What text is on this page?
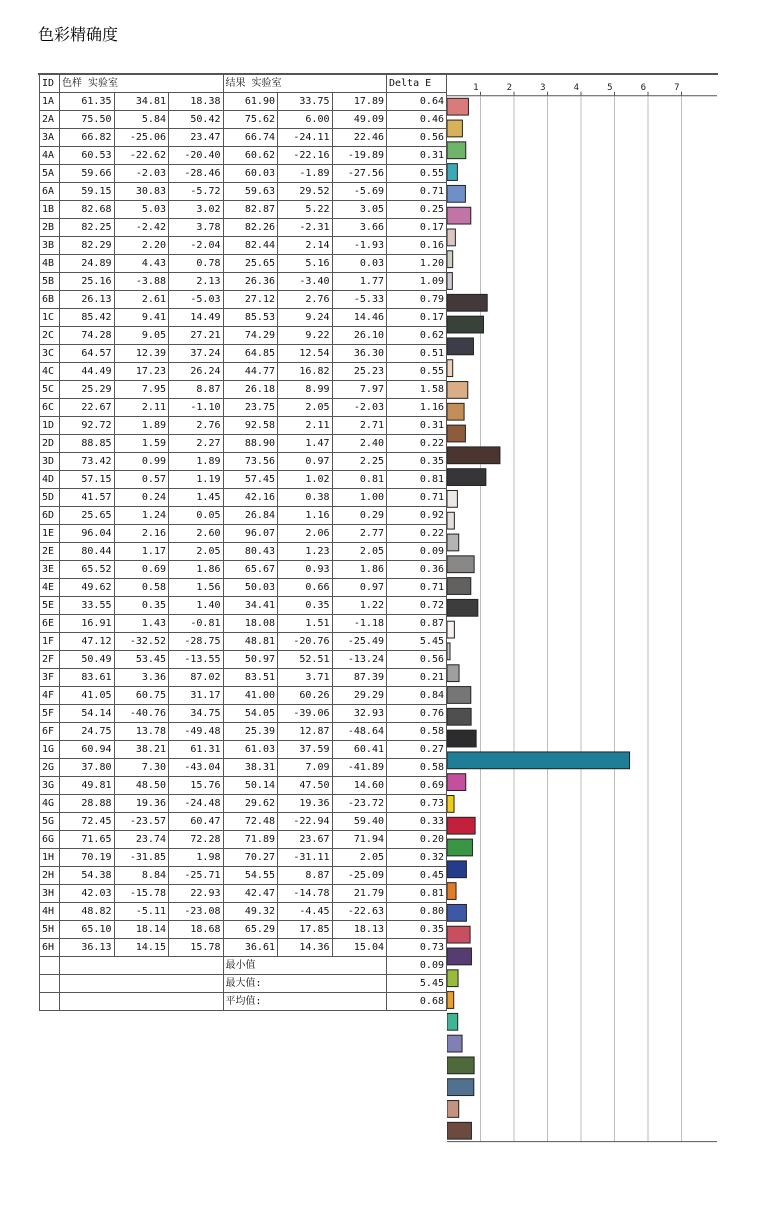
色彩精确度
ID	色样 实验室			结果 实验室			Delta E
1A	61.35	34.81	18.38	61.90	33.75	17.89	0.64
2A	75.50	5.84	50.42	75.62	6.00	49.09	0.46
3A	66.82	-25.06	23.47	66.74	-24.11	22.46	0.56
4A	60.53	-22.62	-20.40	60.62	-22.16	-19.89	0.31
5A	59.66	-2.03	-28.46	60.03	-1.89	-27.56	0.55
6A	59.15	30.83	-5.72	59.63	29.52	-5.69	0.71
1B	82.68	5.03	3.02	82.87	5.22	3.05	0.25
2B	82.25	-2.42	3.78	82.26	-2.31	3.66	0.17
3B	82.29	2.20	-2.04	82.44	2.14	-1.93	0.16
4B	24.89	4.43	0.78	25.65	5.16	0.03	1.20
5B	25.16	-3.88	2.13	26.36	-3.40	1.77	1.09
6B	26.13	2.61	-5.03	27.12	2.76	-5.33	0.79
1C	85.42	9.41	14.49	85.53	9.24	14.46	0.17
2C	74.28	9.05	27.21	74.29	9.22	26.10	0.62
3C	64.57	12.39	37.24	64.85	12.54	36.30	0.51
4C	44.49	17.23	26.24	44.77	16.82	25.23	0.55
5C	25.29	7.95	8.87	26.18	8.99	7.97	1.58
6C	22.67	2.11	-1.10	23.75	2.05	-2.03	1.16
1D	92.72	1.89	2.76	92.58	2.11	2.71	0.31
2D	88.85	1.59	2.27	88.90	1.47	2.40	0.22
3D	73.42	0.99	1.89	73.56	0.97	2.25	0.35
4D	57.15	0.57	1.19	57.45	1.02	0.81	0.81
5D	41.57	0.24	1.45	42.16	0.38	1.00	0.71
6D	25.65	1.24	0.05	26.84	1.16	0.29	0.92
1E	96.04	2.16	2.60	96.07	2.06	2.77	0.22
2E	80.44	1.17	2.05	80.43	1.23	2.05	0.09
3E	65.52	0.69	1.86	65.67	0.93	1.86	0.36
4E	49.62	0.58	1.56	50.03	0.66	0.97	0.71
5E	33.55	0.35	1.40	34.41	0.35	1.22	0.72
6E	16.91	1.43	-0.81	18.08	1.51	-1.18	0.87
1F	47.12	-32.52	-28.75	48.81	-20.76	-25.49	5.45
2F	50.49	53.45	-13.55	50.97	52.51	-13.24	0.56
3F	83.61	3.36	87.02	83.51	3.71	87.39	0.21
4F	41.05	60.75	31.17	41.00	60.26	29.29	0.84
5F	54.14	-40.76	34.75	54.05	-39.06	32.93	0.76
6F	24.75	13.78	-49.48	25.39	12.87	-48.64	0.58
1G	60.94	38.21	61.31	61.03	37.59	60.41	0.27
2G	37.80	7.30	-43.04	38.31	7.09	-41.89	0.58
3G	49.81	48.50	15.76	50.14	47.50	14.60	0.69
4G	28.88	19.36	-24.48	29.62	19.36	-23.72	0.73
5G	72.45	-23.57	60.47	72.48	-22.94	59.40	0.33
6G	71.65	23.74	72.28	71.89	23.67	71.94	0.20
1H	70.19	-31.85	1.98	70.27	-31.11	2.05	0.32
2H	54.38	8.84	-25.71	54.55	8.87	-25.09	0.45
3H	42.03	-15.78	22.93	42.47	-14.78	21.79	0.81
4H	48.82	-5.11	-23.08	49.32	-4.45	-22.63	0.80
5H	65.10	18.14	18.68	65.29	17.85	18.13	0.35
6H	36.13	14.15	15.78	36.61	14.36	15.04	0.73
				最小值			0.09
				最大值:			5.45
				平均值:			0.68
1	2	3	4	5	6	7
